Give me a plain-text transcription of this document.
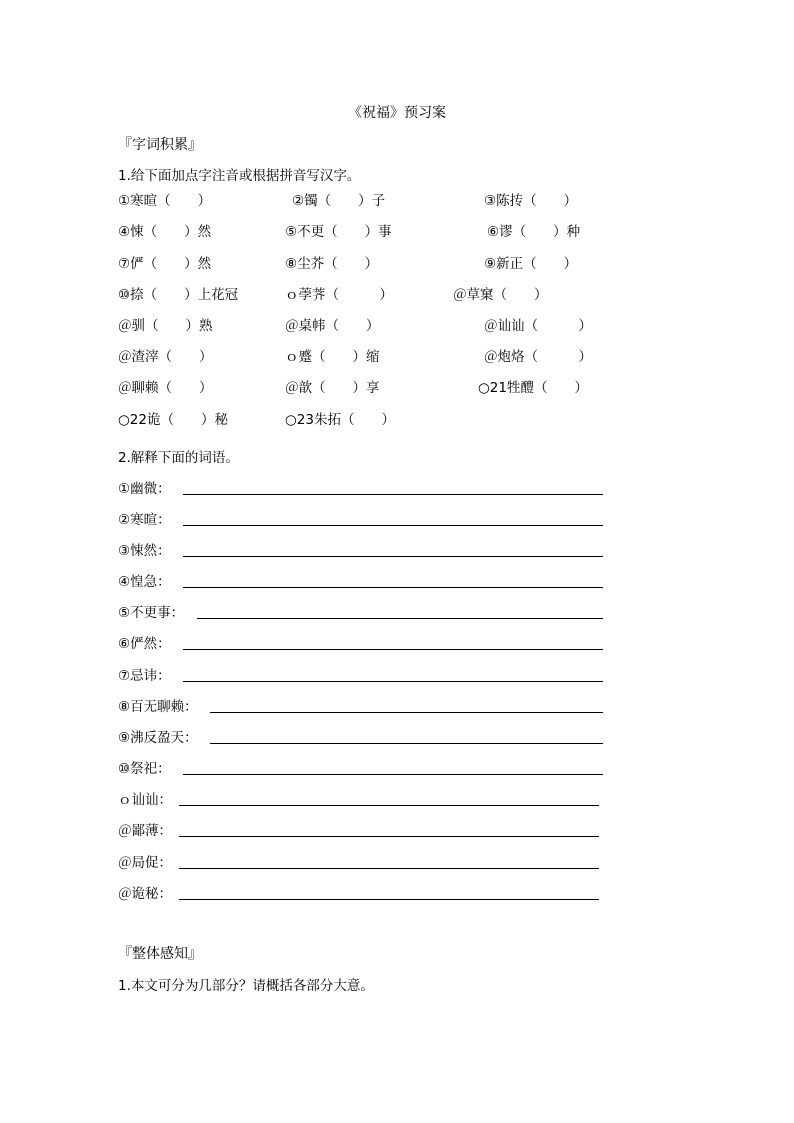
《祝福》预习案
『字词积累』
1.给下面加点字注音或根据拼音写汉字。
①寒暄（　　）	②镯（　　）子	③陈抟（　　）
④悚（　　）然	⑤不更（　　）事	⑥谬（　　）种
⑦俨（　　）然	⑧尘芥（　　）	⑨新正（　　）
⑩捺（　　）上花冠	ｏ荸荠（　　　）	＠草窠（　　）
＠驯（　　）熟	＠桌帏（　　）	＠讪讪（　　　）
＠渣滓（　　）	ｏ蹙（　　）缩	＠炮烙（　　　）
＠聊赖（　　）	＠歆（　　）享	○21牲醴（　　）
○22诡（　　）秘	○23朱拓（　　）
2.解释下面的词语。
①幽微：
②寒暄：
③悚然：
④惶急：
⑤不更事：
⑥俨然：
⑦忌讳：
⑧百无聊赖：
⑨沸反盈天：
⑩祭祀：
ｏ讪讪：
＠鄙薄：
＠局促：
＠诡秘：
『整体感知』
1.本文可分为几部分？请概括各部分大意。
